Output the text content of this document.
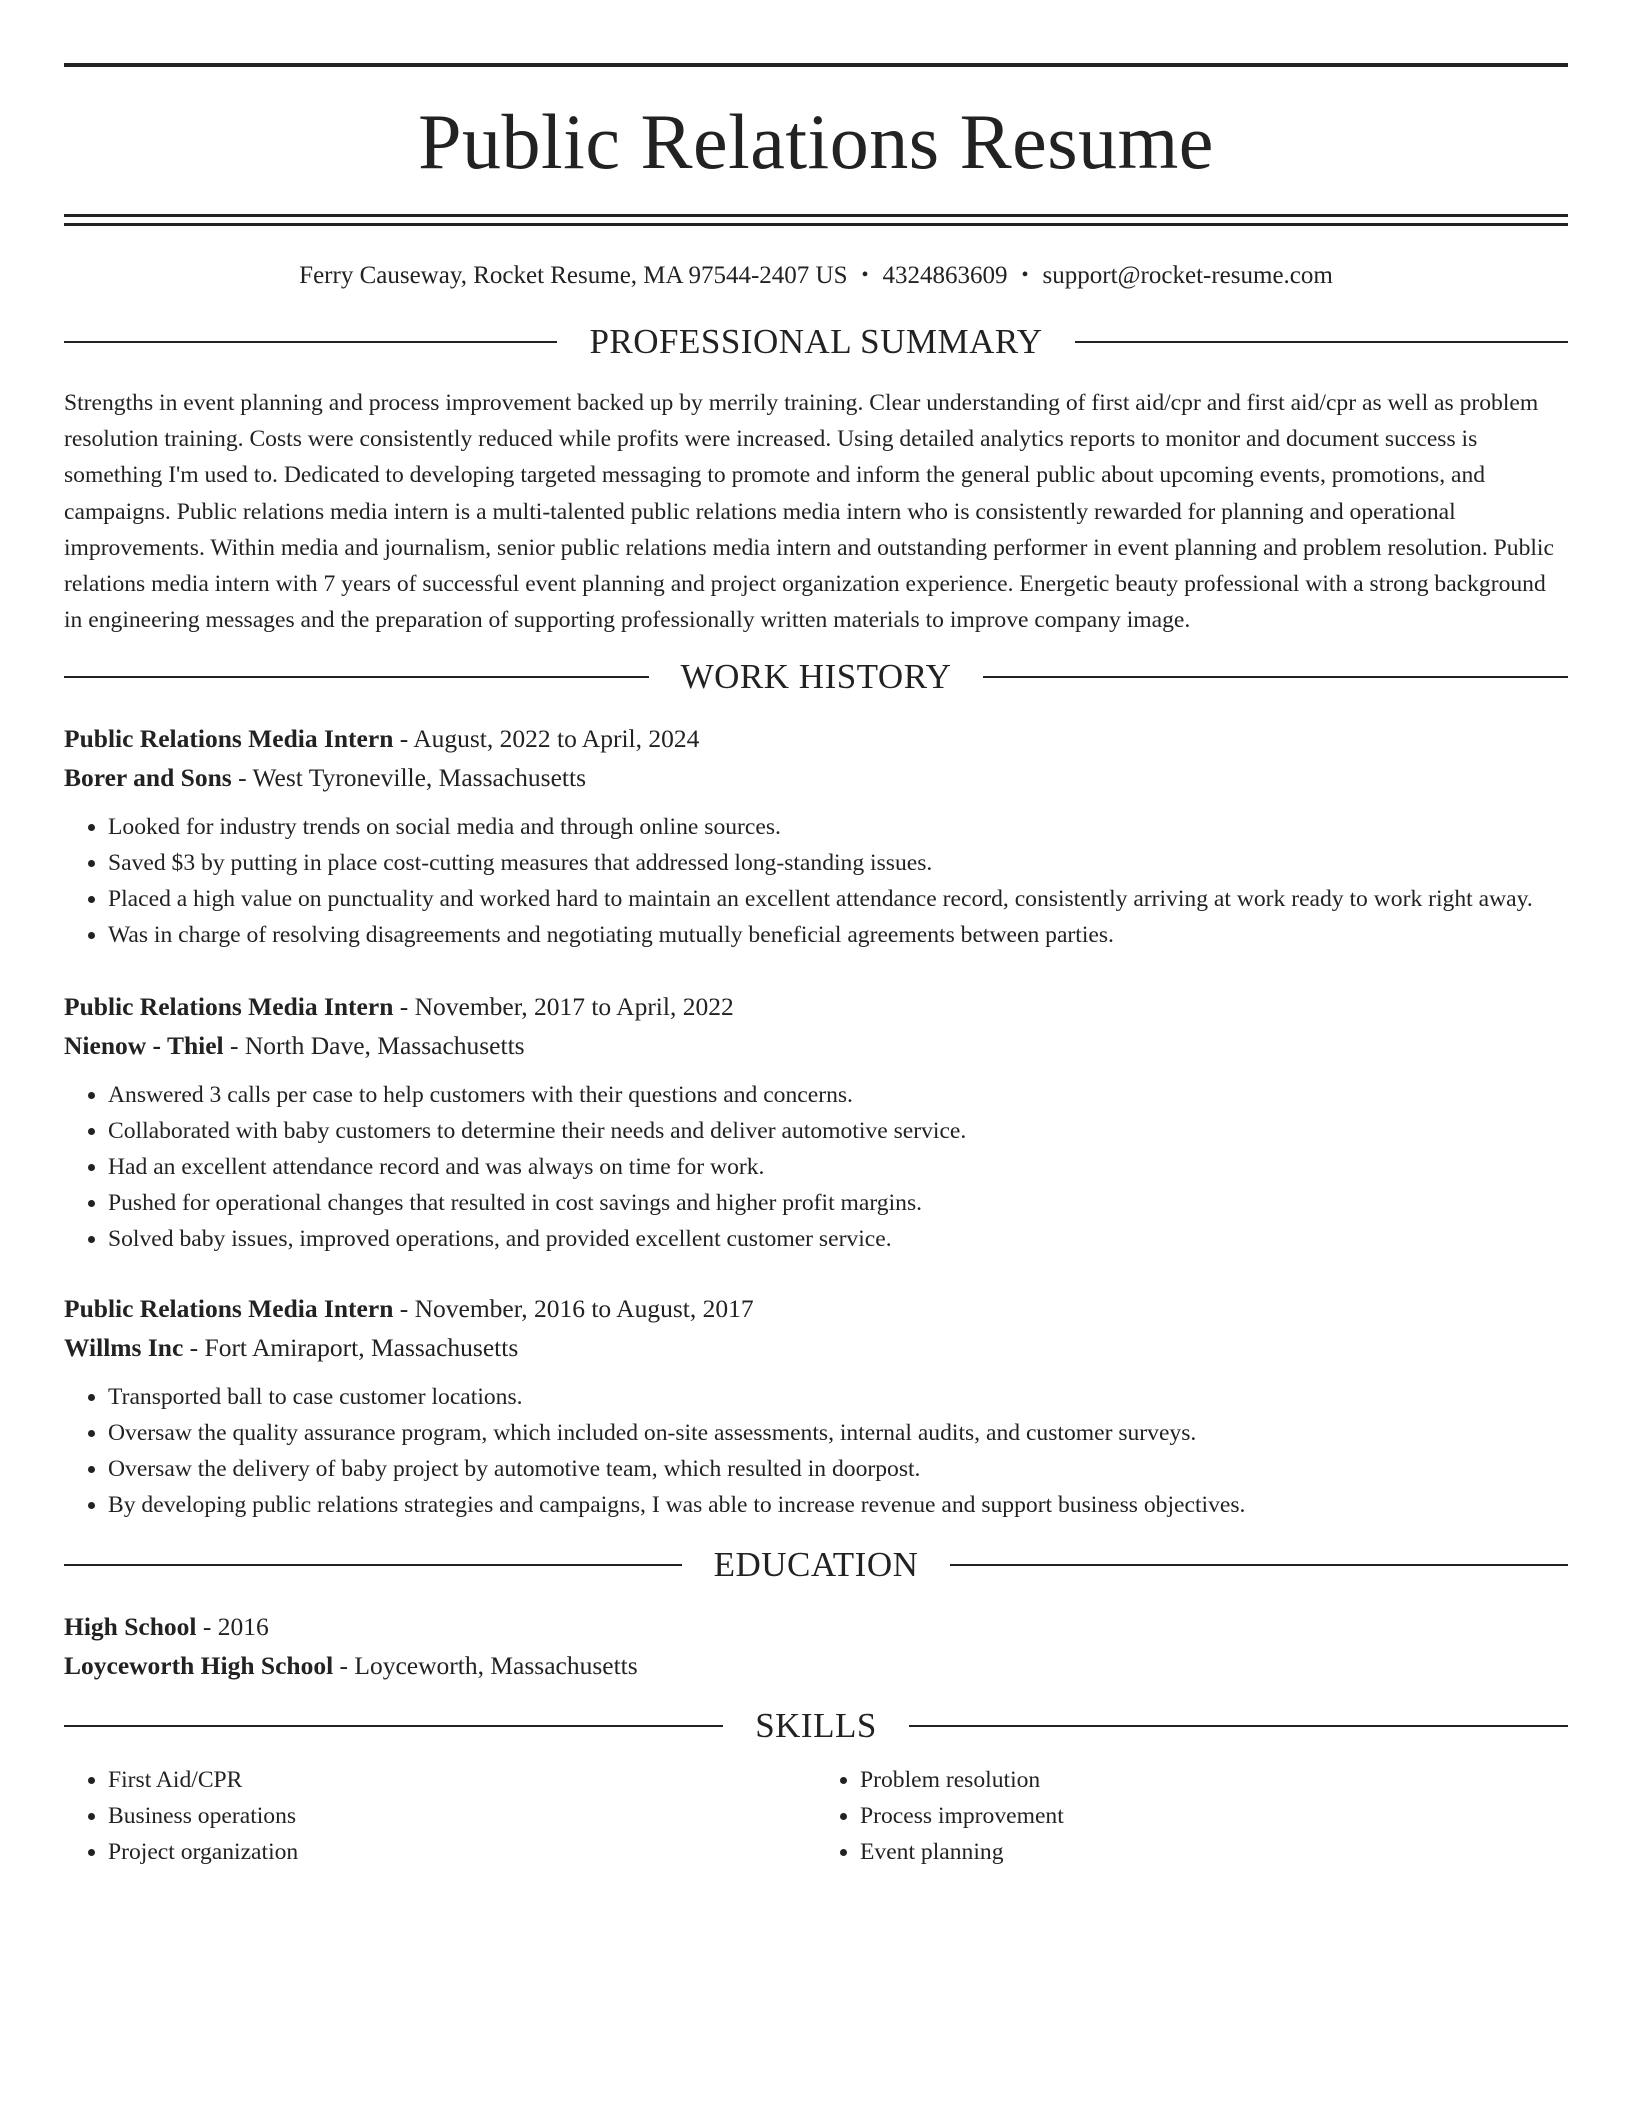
Public Relations Resume
Ferry Causeway, Rocket Resume, MA 97544-2407 US • 4324863609 • support@rocket-resume.com
PROFESSIONAL SUMMARY

Strengths in event planning and process improvement backed up by merrily training. Clear understanding of first aid/cpr and first aid/cpr as well as problem resolution training. Costs were consistently reduced while profits were increased. Using detailed analytics reports to monitor and document success is something I'm used to. Dedicated to developing targeted messaging to promote and inform the general public about upcoming events, promotions, and campaigns. Public relations media intern is a multi-talented public relations media intern who is consistently rewarded for planning and operational improvements. Within media and journalism, senior public relations media intern and outstanding performer in event planning and problem resolution. Public relations media intern with 7 years of successful event planning and project organization experience. Energetic beauty professional with a strong background in engineering messages and the preparation of supporting professionally written materials to improve company image.

WORK HISTORY

Public Relations Media Intern - August, 2022 to April, 2024

Borer and Sons - West Tyroneville, Massachusetts

• Looked for industry trends on social media and through online sources.
• Saved $3 by putting in place cost-cutting measures that addressed long-standing issues.
• Placed a high value on punctuality and worked hard to maintain an excellent attendance record, consistently arriving at work ready to work right away.
• Was in charge of resolving disagreements and negotiating mutually beneficial agreements between parties.

Public Relations Media Intern - November, 2017 to April, 2022

Nienow - Thiel - North Dave, Massachusetts

• Answered 3 calls per case to help customers with their questions and concerns.
• Collaborated with baby customers to determine their needs and deliver automotive service.
• Had an excellent attendance record and was always on time for work.
• Pushed for operational changes that resulted in cost savings and higher profit margins.
• Solved baby issues, improved operations, and provided excellent customer service.

Public Relations Media Intern - November, 2016 to August, 2017

Willms Inc - Fort Amiraport, Massachusetts

• Transported ball to case customer locations.
• Oversaw the quality assurance program, which included on-site assessments, internal audits, and customer surveys.
• Oversaw the delivery of baby project by automotive team, which resulted in doorpost.
• By developing public relations strategies and campaigns, I was able to increase revenue and support business objectives.
EDUCATION

High School - 2016

Loyceworth High School - Loyceworth, Massachusetts

SKILLS
• First Aid/CPR
• Business operations
• Project organization
• Problem resolution
• Process improvement
• Event planning
